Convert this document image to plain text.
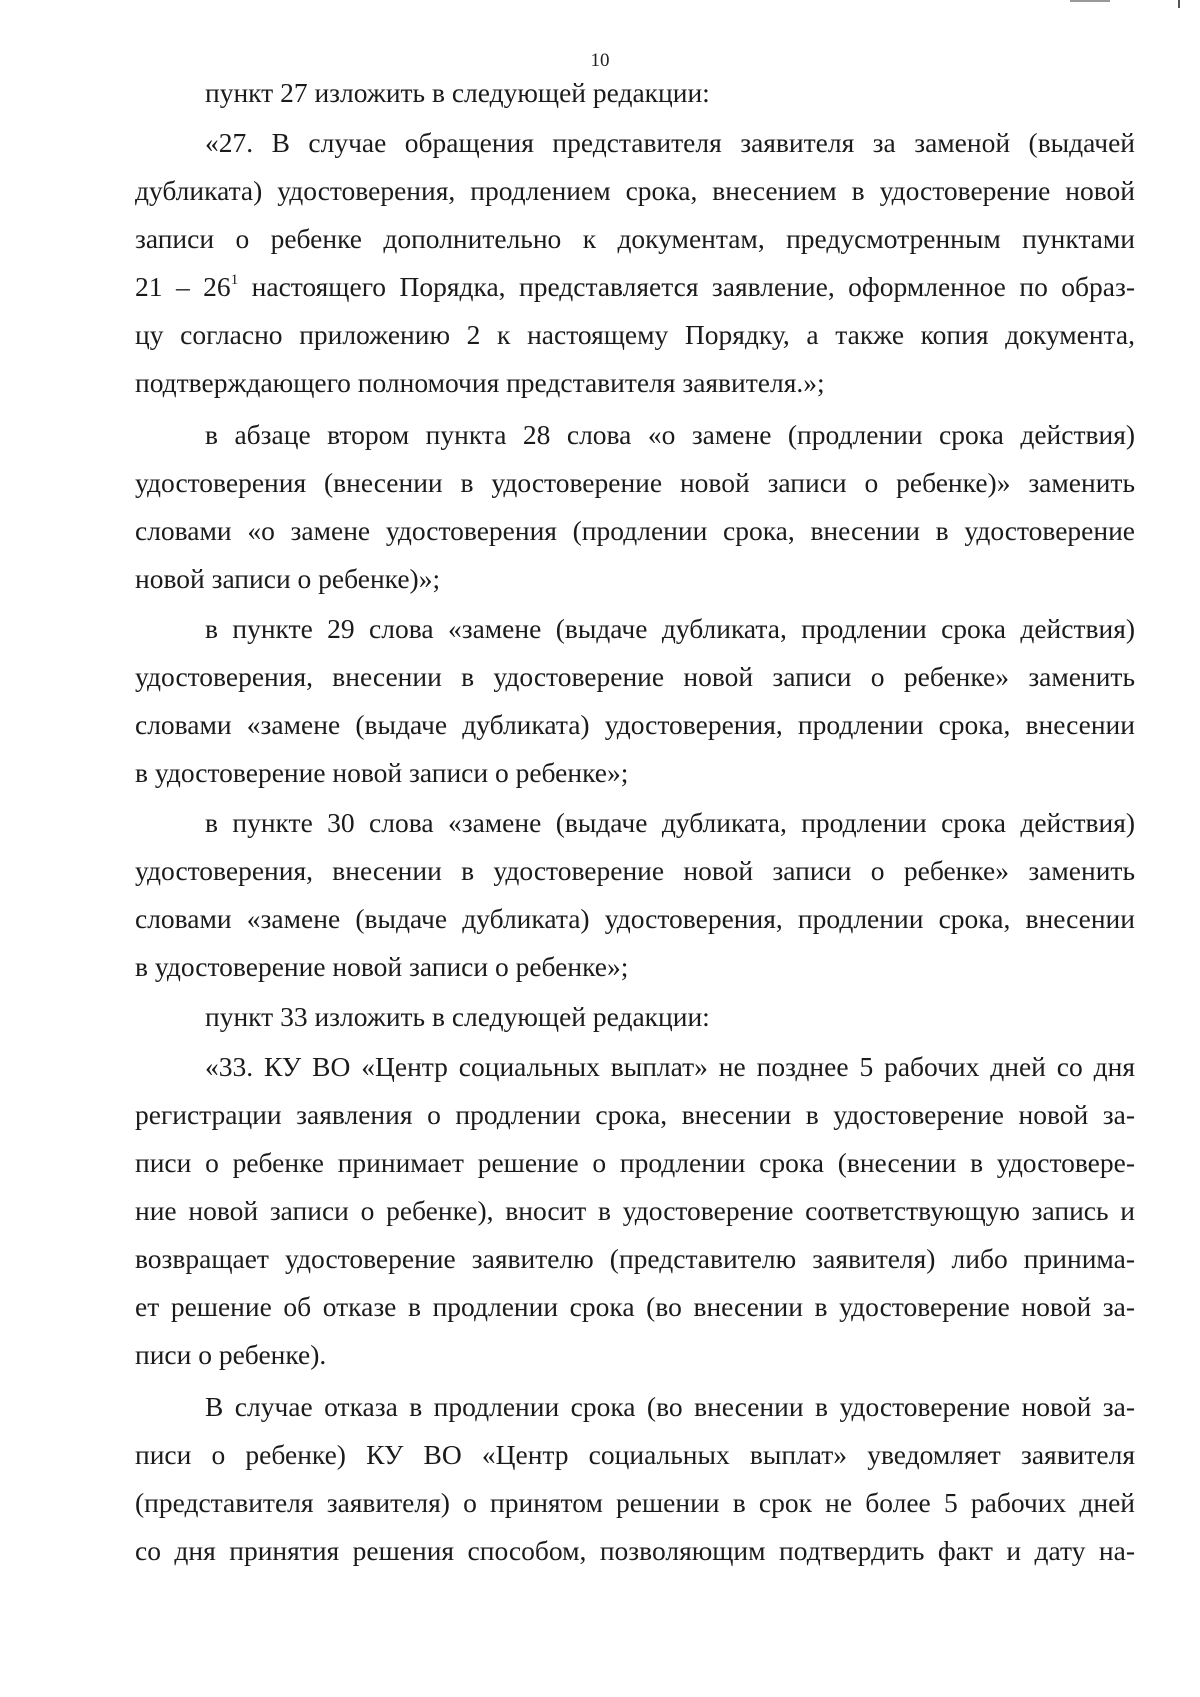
10
пункт 27 изложить в следующей редакции:
«27. В случае обращения представителя заявителя за заменой (выдачей
дубликата) удостоверения, продлением срока, внесением в удостоверение новой
записи о ребенке дополнительно к документам, предусмотренным пунктами
$21 - 26^1$ настоящего Порядка, представляется заявление, оформленное по образ-
цу согласно приложению 2 к настоящему Порядку, а также копия документа,
подтверждающего полномочия представителя заявителя.»;
в абзаце втором пункта 28 слова «о замене (продлении срока действия)
удостоверения (внесении в удостоверение новой записи о ребенке)» заменить
словами «о замене удостоверения (продлении срока, внесении в удостоверение
новой записи о ребенке)»;
в пункте 29 слова «замене (выдаче дубликата, продлении срока действия)
удостоверения, внесении в удостоверение новой записи о ребенке» заменить
словами «замене (выдаче дубликата) удостоверения, продлении срока, внесении
в удостоверение новой записи о ребенке»;
в пункте 30 слова «замене (выдаче дубликата, продлении срока действия)
удостоверения, внесении в удостоверение новой записи о ребенке» заменить
словами «замене (выдаче дубликата) удостоверения, продлении срока, внесении
в удостоверение новой записи о ребенке»;
пункт 33 изложить в следующей редакции:
«33. КУ ВО «Центр социальных выплат» не позднее 5 рабочих дней со дня
регистрации заявления о продлении срока, внесении в удостоверение новой за-
писи о ребенке принимает решение о продлении срока (внесении в удостовере-
ние новой записи о ребенке), вносит в удостоверение соответствующую запись и
возвращает удостоверение заявителю (представителю заявителя) либо принима-
ет решение об отказе в продлении срока (во внесении в удостоверение новой за-
писи о ребенке).
В случае отказа в продлении срока (во внесении в удостоверение новой за-
писи о ребенке) КУ ВО «Центр социальных выплат» уведомляет заявителя
(представителя заявителя) о принятом решении в срок не более 5 рабочих дней
со дня принятия решения способом, позволяющим подтвердить факт и дату на-
